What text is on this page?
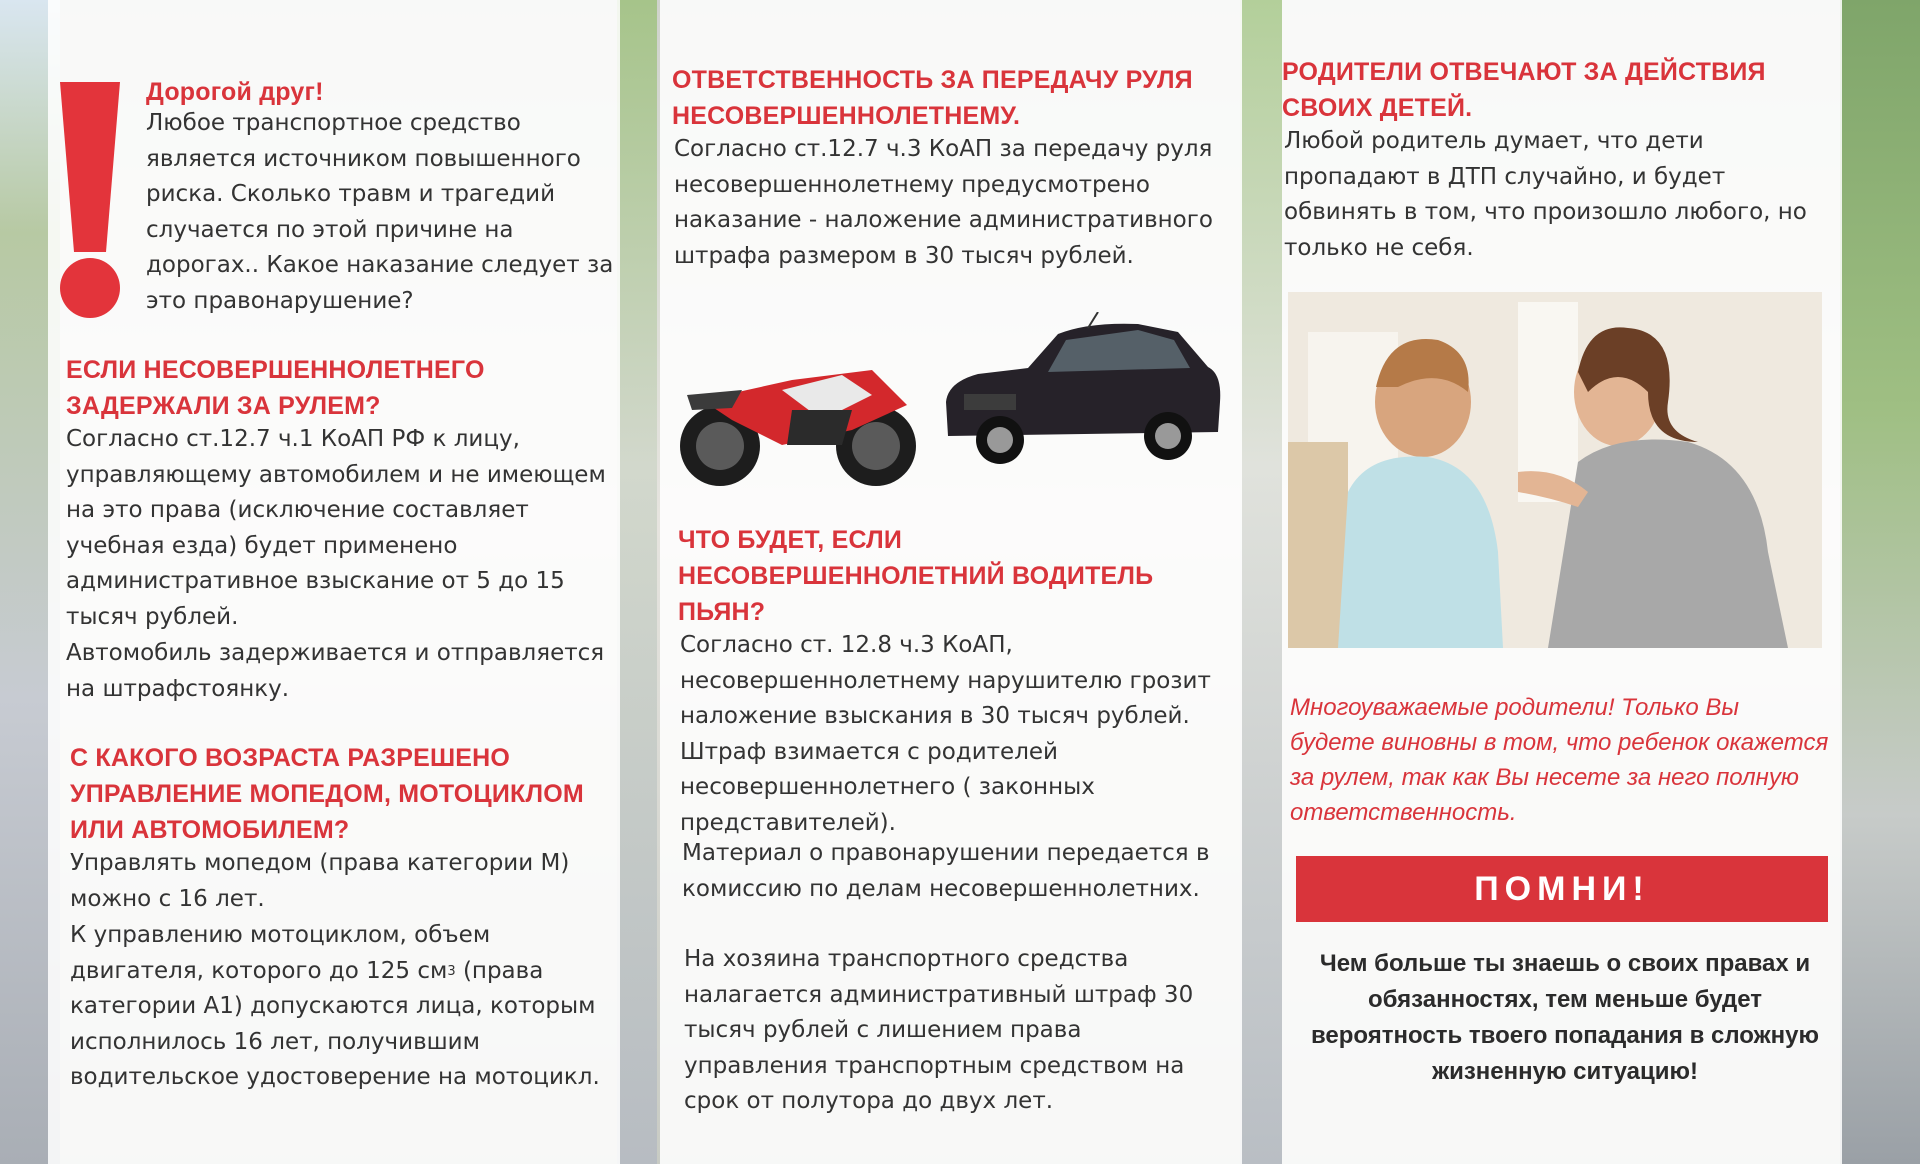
Дорогой друг!
Любое транспортное средство является источником повышенного риска. Сколько травм и трагедий случается по этой причине на дорогах.. Какое наказание следует за это правонарушение?
ЕСЛИ НЕСОВЕРШЕННОЛЕТНЕГО ЗАДЕРЖАЛИ ЗА РУЛЕМ?
Согласно ст.12.7 ч.1 КоАП РФ к лицу, управляющему автомобилем и не имеющем на это права (исключение составляет учебная езда) будет применено административное взыскание от 5 до 15 тысяч рублей.
Автомобиль задерживается и отправляется на штрафстоянку.
С КАКОГО ВОЗРАСТА РАЗРЕШЕНО УПРАВЛЕНИЕ МОПЕДОМ, МОТОЦИКЛОМ ИЛИ АВТОМОБИЛЕМ?
Управлять мопедом (права категории М) можно с 16 лет.
К управлению мотоциклом, объем двигателя, которого до 125 $см^3$ (права категории А1) допускаются лица, которым исполнилось 16 лет, получившим водительское удостоверение на мотоцикл.
ОТВЕТСТВЕННОСТЬ ЗА ПЕРЕДАЧУ РУЛЯ НЕСОВЕРШЕННОЛЕТНЕМУ.
Согласно ст.12.7 ч.3 КоАП за передачу руля несовершеннолетнему предусмотрено наказание - наложение административного штрафа размером в 30 тысяч рублей.
ЧТО БУДЕТ, ЕСЛИ НЕСОВЕРШЕННОЛЕТНИЙ ВОДИТЕЛЬ ПЬЯН?
Согласно ст. 12.8 ч.3 КоАП, несовершеннолетнему нарушителю грозит наложение взыскания в 30 тысяч рублей. Штраф взимается с родителей несовершеннолетнего ( законных представителей).
Материал о правонарушении передается в комиссию по делам несовершеннолетних.
На хозяина транспортного средства налагается административный штраф 30 тысяч рублей с лишением права управления транспортным средством на срок от полутора до двух лет.
РОДИТЕЛИ ОТВЕЧАЮТ ЗА ДЕЙСТВИЯ СВОИХ ДЕТЕЙ.
Любой родитель думает, что дети пропадают в ДТП случайно, и будет обвинять в том, что произошло любого, но только не себя.
Многоуважаемые родители! Только Вы будете виновны в том, что ребенок окажется за рулем, так как Вы несете за него полную ответственность.
ПОМНИ!
Чем больше ты знаешь о своих правах и обязанностях, тем меньше будет вероятность твоего попадания в сложную жизненную ситуацию!
